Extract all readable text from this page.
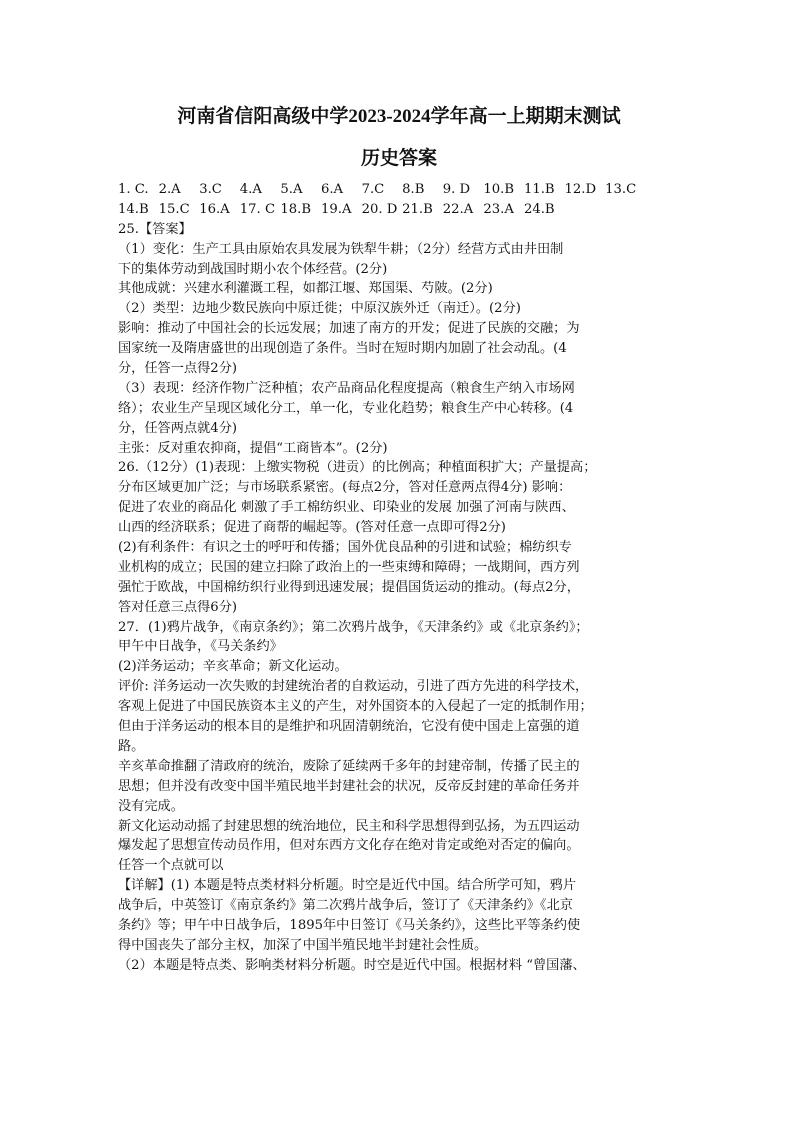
河南省信阳高级中学2023-2024学年高一上期期末测试
历史答案
1. C. 2.A	3.C	4.A	5.A	6.A	7.C	8.B	9. D	10.B 11.B 12.D 13.C
14.B 15.C 16.A 17. C 18.B 19.A 20. D 21.B 22.A 23.A 24.B
25.【答案】
（1）变化：生产工具由原始农具发展为铁犁牛耕；（2分）经营方式由井田制
下的集体劳动到战国时期小农个体经营。(2分)
其他成就：兴建水利灌溉工程，如都江堰、郑国渠、芍陂。(2分)
（2）类型：边地少数民族向中原迁徙；中原汉族外迁（南迁）。(2分)
影响：推动了中国社会的长远发展；加速了南方的开发；促进了民族的交融；为
国家统一及隋唐盛世的出现创造了条件。当时在短时期内加剧了社会动乱。(4
分，任答一点得2分)
（3）表现：经济作物广泛种植；农产品商品化程度提高（粮食生产纳入市场网
络）；农业生产呈现区域化分工，单一化，专业化趋势；粮食生产中心转移。(4
分，任答两点就4分)
主张：反对重农抑商，提倡“工商皆本”。(2分)
26.（12分）(1)表现：上缴实物税（进贡）的比例高；种植面积扩大；产量提高；
分布区域更加广泛；与市场联系紧密。(每点2分，答对任意两点得4分) 影响：
促进了农业的商品化 刺激了手工棉纺织业、印染业的发展 加强了河南与陕西、
山西的经济联系；促进了商帮的崛起等。(答对任意一点即可得2分)
(2)有利条件：有识之士的呼吁和传播；国外优良品种的引进和试验；棉纺织专
业机构的成立；民国的建立扫除了政治上的一些束缚和障碍；一战期间，西方列
强忙于欧战，中国棉纺织行业得到迅速发展；提倡国货运动的推动。(每点2分，
答对任意三点得6分)
27．(1)鸦片战争，《南京条约》；第二次鸦片战争，《天津条约》或《北京条约》；
甲午中日战争，《马关条约》
(2)洋务运动；辛亥革命；新文化运动。
评价: 洋务运动一次失败的封建统治者的自救运动，引进了西方先进的科学技术，
客观上促进了中国民族资本主义的产生，对外国资本的入侵起了一定的抵制作用；
但由于洋务运动的根本目的是维护和巩固清朝统治，它没有使中国走上富强的道
路。
辛亥革命推翻了清政府的统治，废除了延续两千多年的封建帝制，传播了民主的
思想；但并没有改变中国半殖民地半封建社会的状况，反帝反封建的革命任务并
没有完成。
新文化运动动摇了封建思想的统治地位，民主和科学思想得到弘扬，为五四运动
爆发起了思想宣传动员作用，但对东西方文化存在绝对肯定或绝对否定的偏向。
任答一个点就可以
【详解】(1) 本题是特点类材料分析题。时空是近代中国。结合所学可知，鸦片
战争后，中英签订《南京条约》第二次鸦片战争后，签订了《天津条约》《北京
条约》等；甲午中日战争后，1895年中日签订《马关条约》，这些比平等条约使
得中国丧失了部分主权，加深了中国半殖民地半封建社会性质。
（2）本题是特点类、影响类材料分析题。时空是近代中国。根据材料 “曾国藩、
